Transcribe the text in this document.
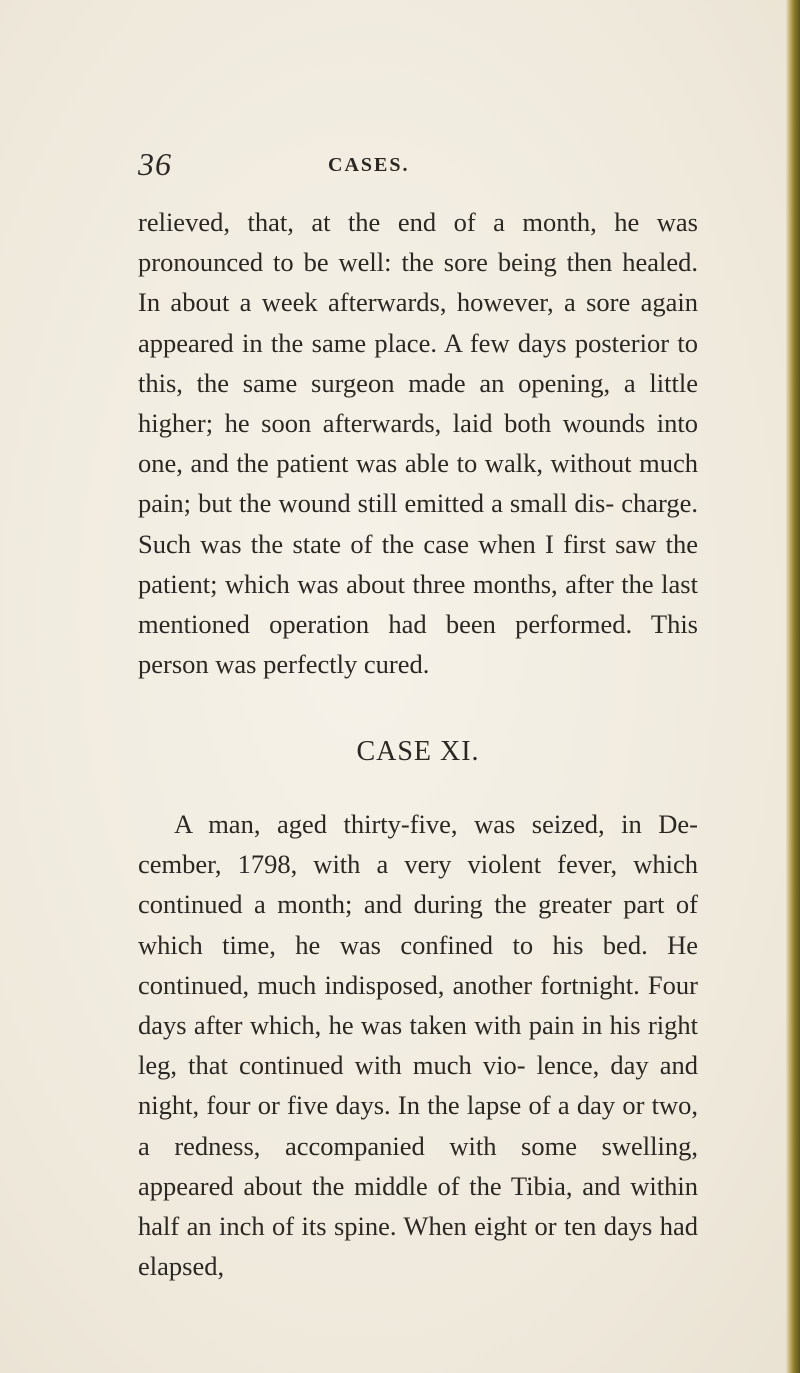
36	CASES.

relieved, that, at the end of a month, he was pronounced to be well: the sore being then healed. In about a week afterwards, however, a sore again appeared in the same place. A few days posterior to this, the same surgeon made an opening, a little higher; he soon afterwards, laid both wounds into one, and the patient was able to walk, without much pain; but the wound still emitted a small dis- charge. Such was the state of the case when I first saw the patient; which was about three months, after the last mentioned operation had been performed. This person was perfectly cured.

CASE XI.

A man, aged thirty-five, was seized, in De- cember, 1798, with a very violent fever, which continued a month; and during the greater part of which time, he was confined to his bed. He continued, much indisposed, another fortnight. Four days after which, he was taken with pain in his right leg, that continued with much vio- lence, day and night, four or five days. In the lapse of a day or two, a redness, accompanied with some swelling, appeared about the middle of the Tibia, and within half an inch of its spine. When eight or ten days had elapsed,
